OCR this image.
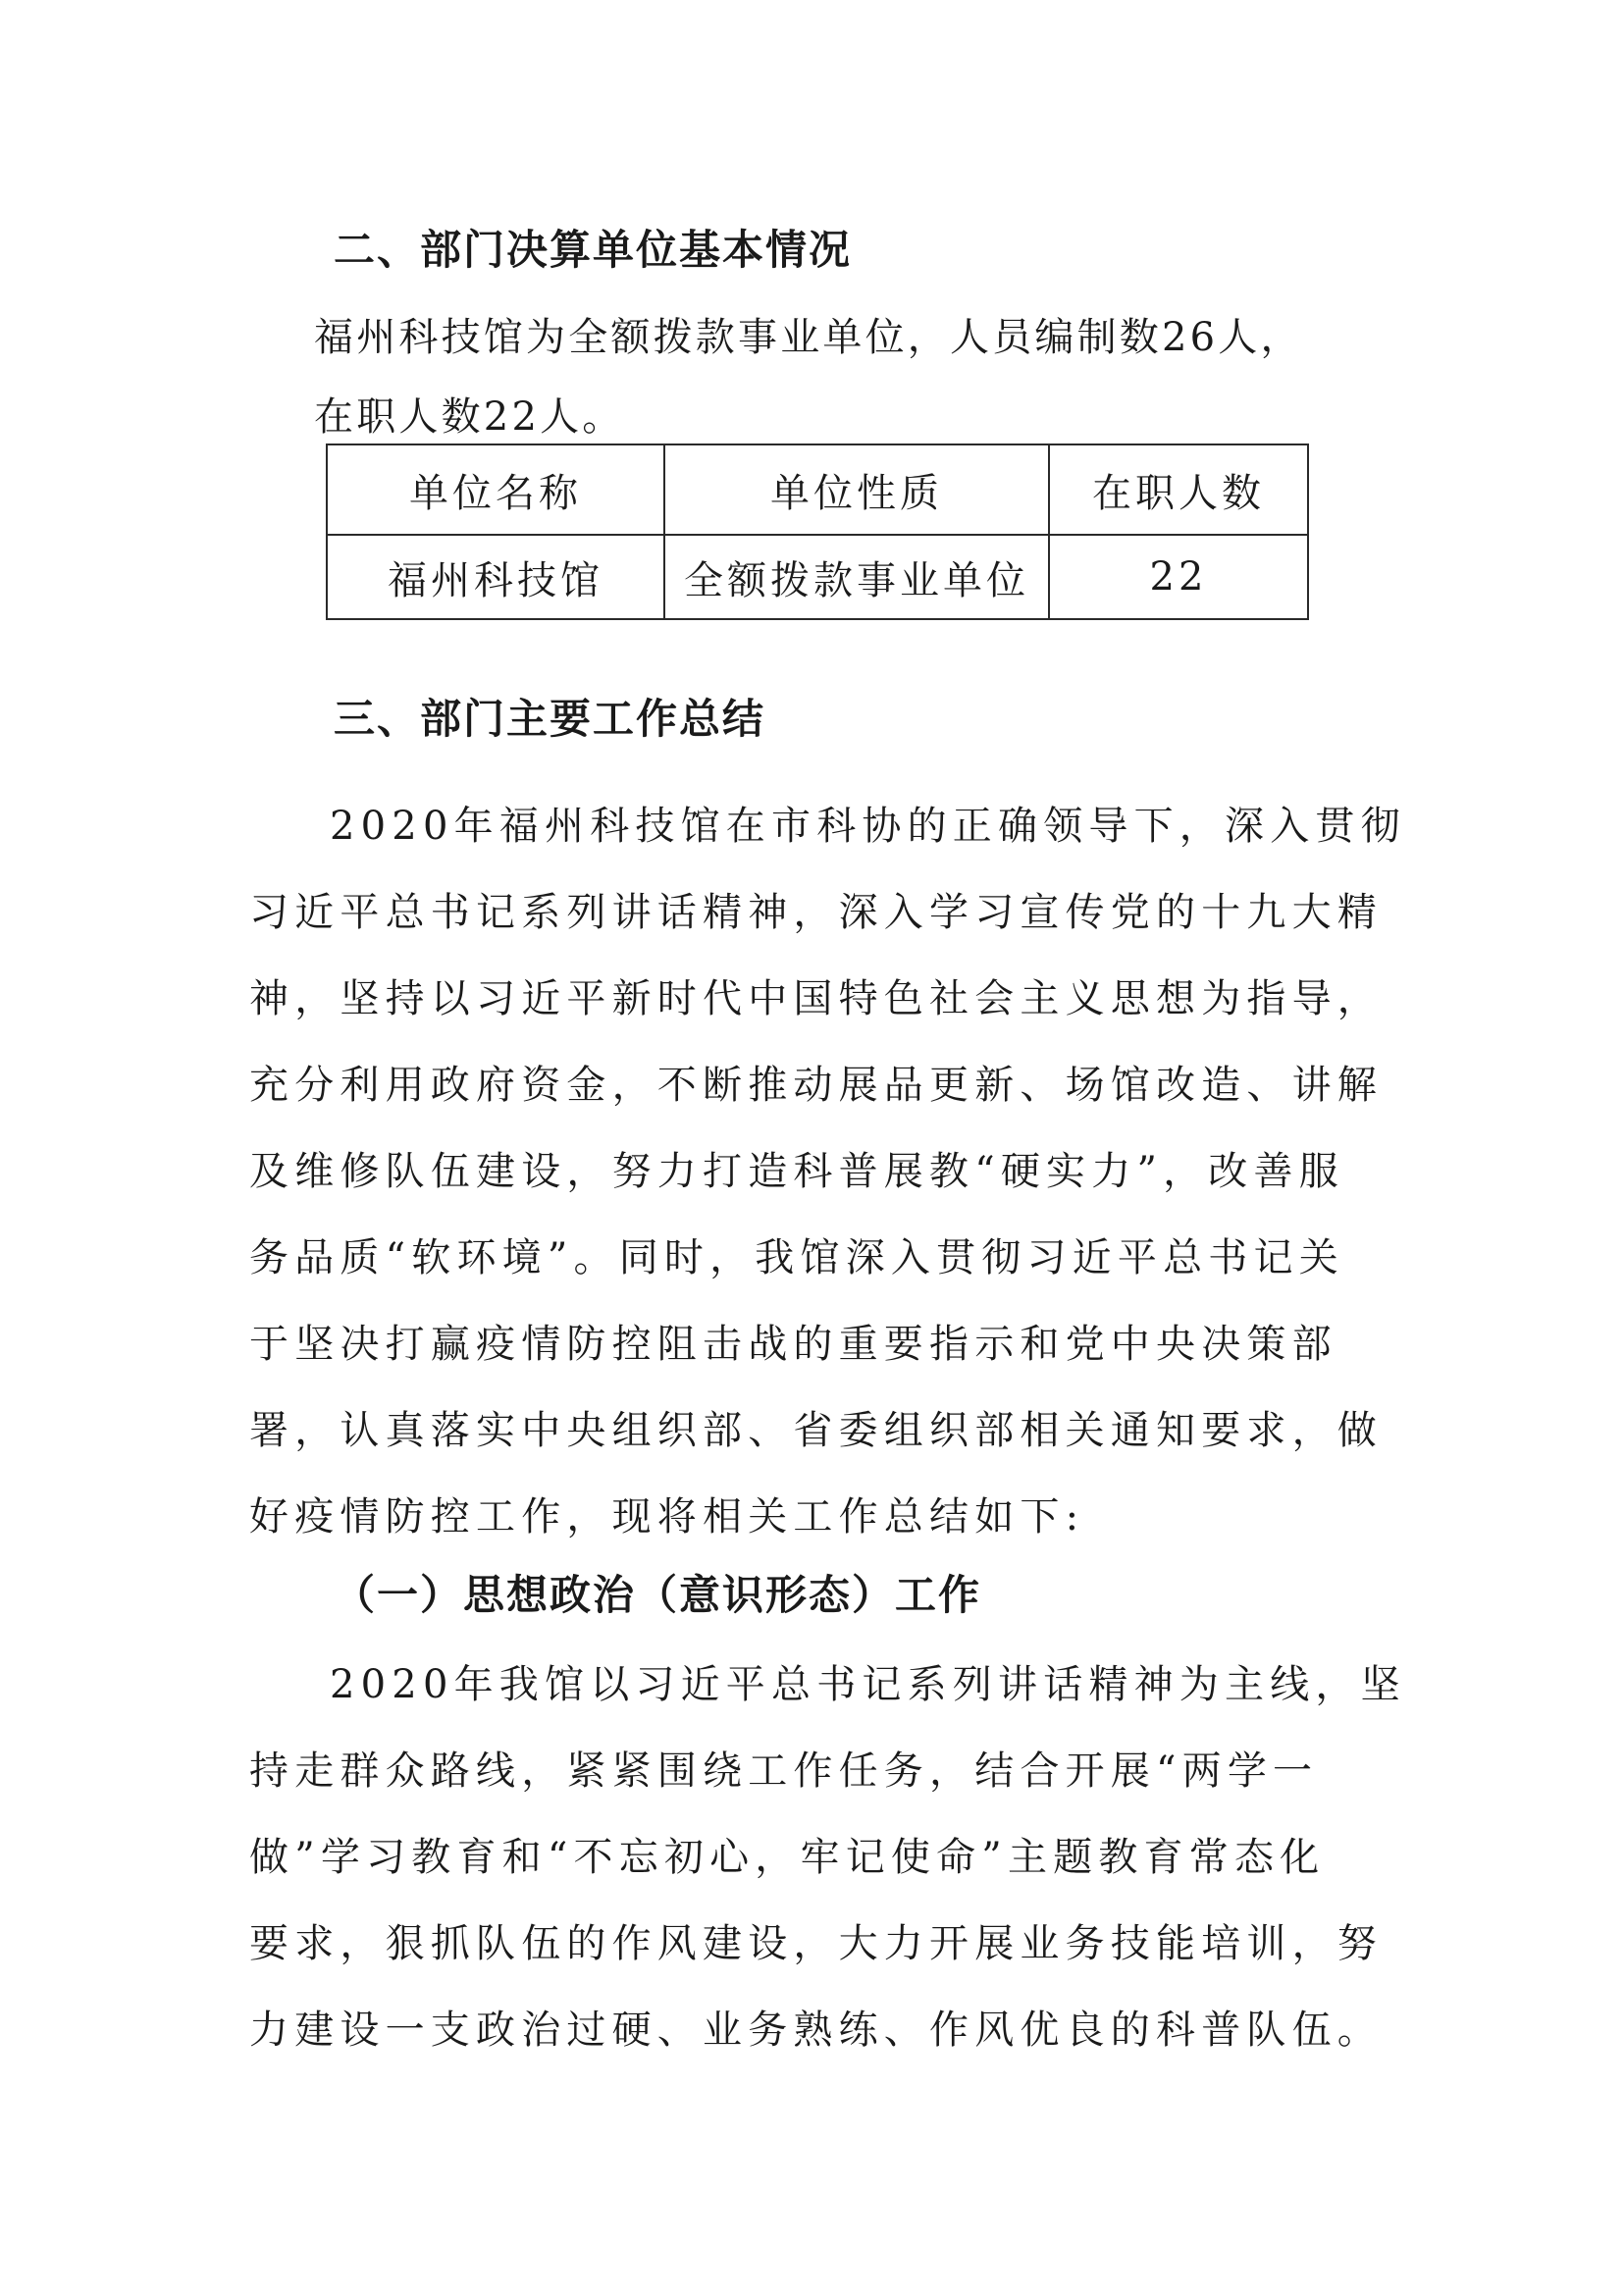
二、部门决算单位基本情况

福州科技馆为全额拨款事业单位，人员编制数26人，

在职人数22人。

单位名称	单位性质	在职人数
福州科技馆	全额拨款事业单位	22
三、部门主要工作总结

2020年福州科技馆在市科协的正确领导下，深入贯彻

习近平总书记系列讲话精神，深入学习宣传党的十九大精

神，坚持以习近平新时代中国特色社会主义思想为指导，

充分利用政府资金，不断推动展品更新、场馆改造、讲解

及维修队伍建设，努力打造科普展教“硬实力”，改善服

务品质“软环境”。同时，我馆深入贯彻习近平总书记关

于坚决打赢疫情防控阻击战的重要指示和党中央决策部

署，认真落实中央组织部、省委组织部相关通知要求，做

好疫情防控工作，现将相关工作总结如下:

（一）思想政治（意识形态）工作

2020年我馆以习近平总书记系列讲话精神为主线，坚

持走群众路线，紧紧围绕工作任务，结合开展“两学一

做”学习教育和“不忘初心，牢记使命”主题教育常态化

要求，狠抓队伍的作风建设，大力开展业务技能培训，努

力建设一支政治过硬、业务熟练、作风优良的科普队伍。
